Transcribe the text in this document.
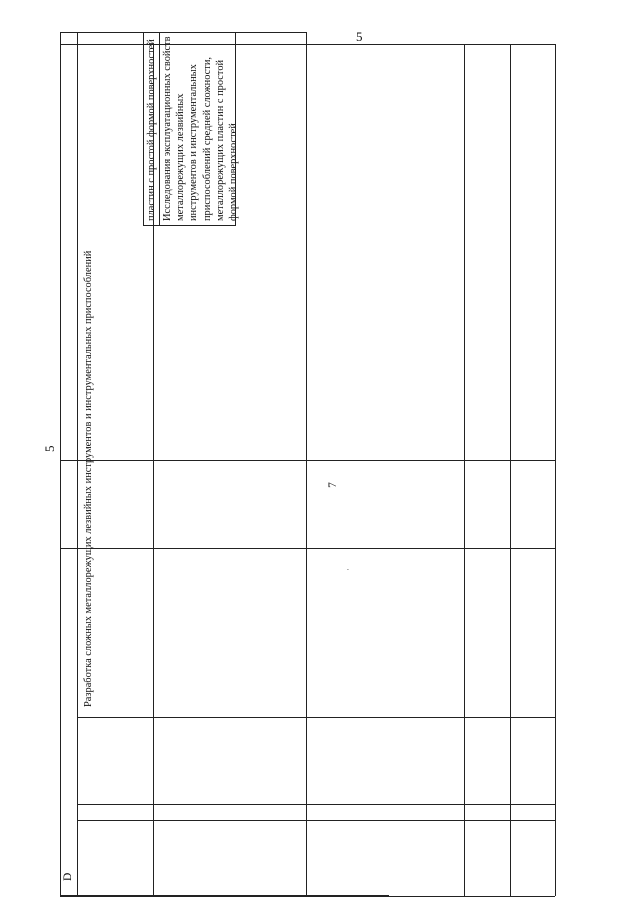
5
5
D
Разработка сложных металлорежущих лезвийных инструментов и инструментальных приспособлений	·
7
пластин с простой формой поверхностей Исследования эксплуатационных свойств металлорежущих лезвийных инструментов и инструментальных приспособлений средней сложности, металлорежущих пластин с простой формой поверхностей
